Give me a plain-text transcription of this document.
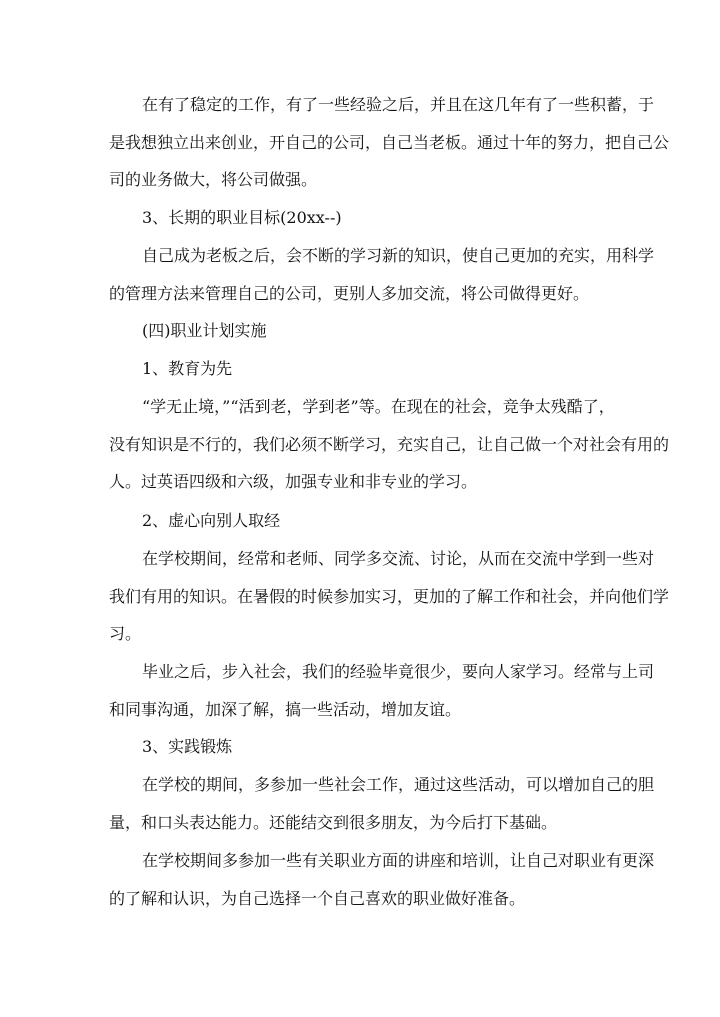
在有了稳定的工作，有了一些经验之后，并且在这几年有了一些积蓄，于
是我想独立出来创业，开自己的公司，自己当老板。通过十年的努力，把自己公
司的业务做大，将公司做强。
3、长期的职业目标(20xx--)
自己成为老板之后，会不断的学习新的知识，使自己更加的充实，用科学
的管理方法来管理自己的公司，更别人多加交流，将公司做得更好。
(四)职业计划实施
1、教育为先
“学无止境，”“活到老，学到老”等。在现在的社会，竞争太残酷了，
没有知识是不行的，我们必须不断学习，充实自己，让自己做一个对社会有用的
人。过英语四级和六级，加强专业和非专业的学习。
2、虚心向别人取经
在学校期间，经常和老师、同学多交流、讨论，从而在交流中学到一些对
我们有用的知识。在暑假的时候参加实习，更加的了解工作和社会，并向他们学
习。
毕业之后，步入社会，我们的经验毕竟很少，要向人家学习。经常与上司
和同事沟通，加深了解，搞一些活动，增加友谊。
3、实践锻炼
在学校的期间，多参加一些社会工作，通过这些活动，可以增加自己的胆
量，和口头表达能力。还能结交到很多朋友，为今后打下基础。
在学校期间多参加一些有关职业方面的讲座和培训，让自己对职业有更深
的了解和认识，为自己选择一个自己喜欢的职业做好准备。
